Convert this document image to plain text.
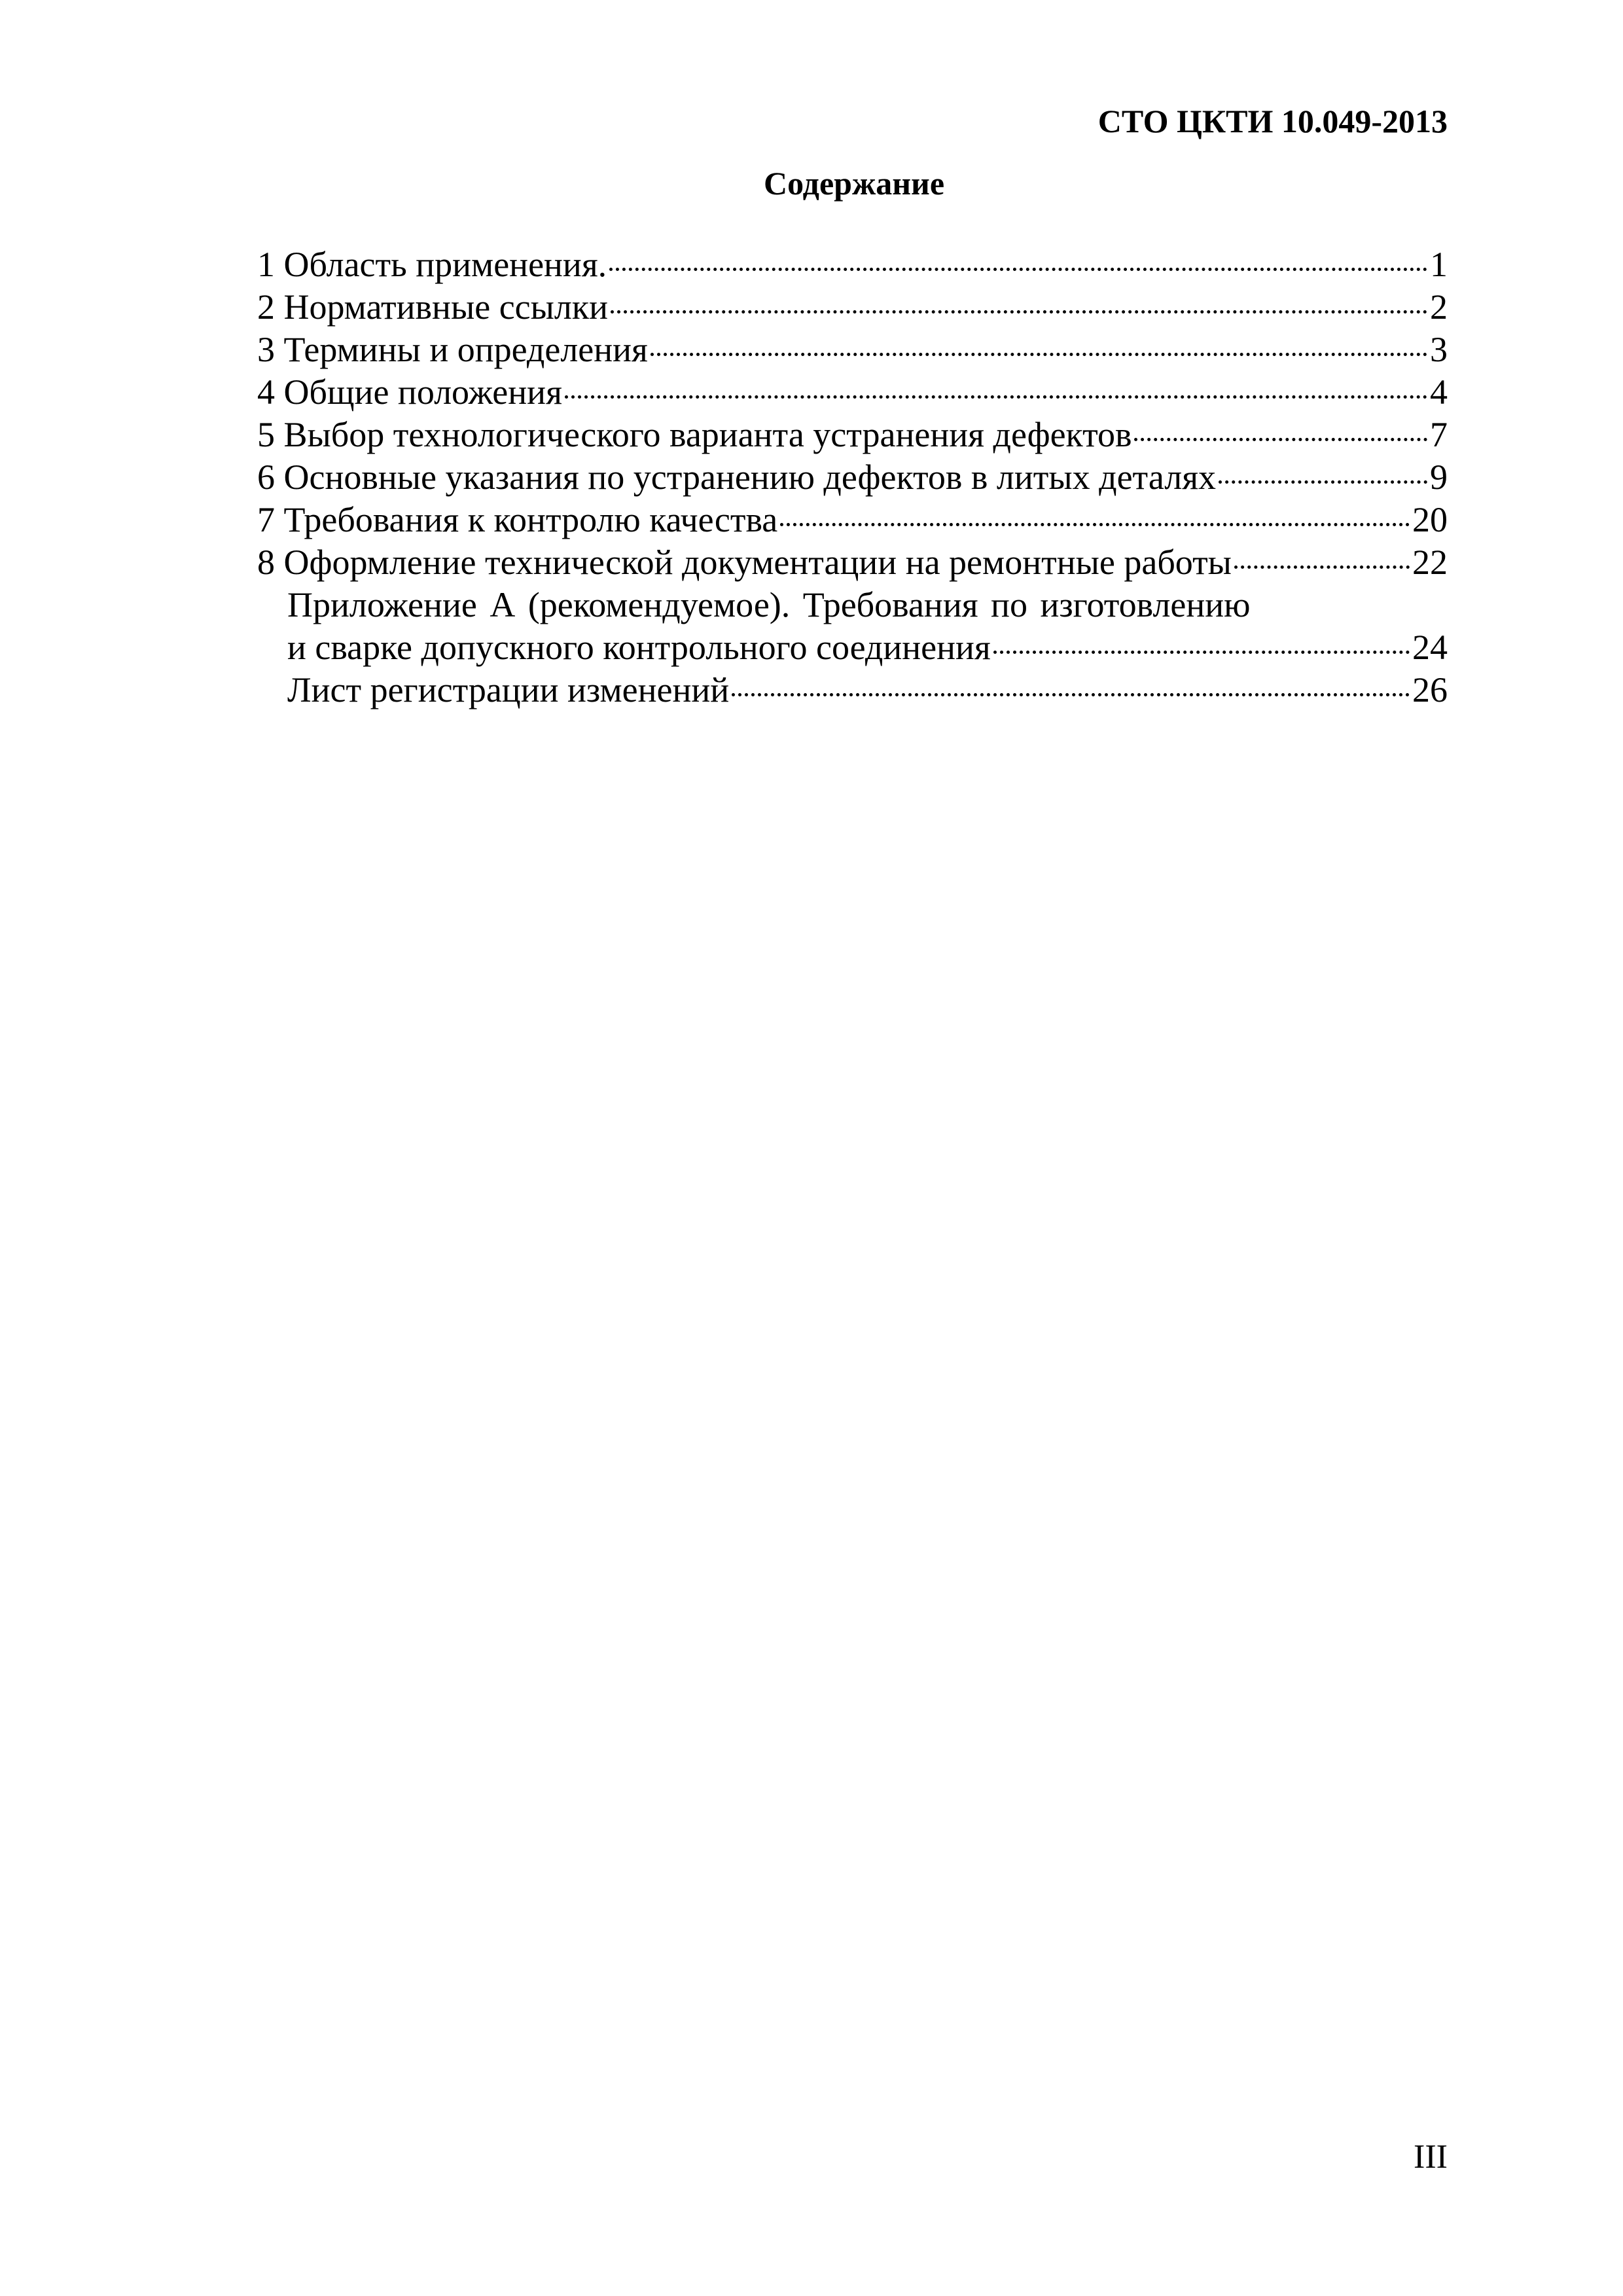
СТО ЦКТИ 10.049-2013
Содержание
1 Область применения.	1
2 Нормативные ссылки	2
3 Термины и определения	3
4 Общие положения	4
5 Выбор технологического варианта устранения дефектов	7
6 Основные указания по устранению дефектов в литых деталях	9
7 Требования к контролю качества	20
8 Оформление технической документации на ремонтные работы	22
Приложение А (рекомендуемое). Требования по изготовлению
и сварке допускного контрольного соединения	24
Лист регистрации изменений	26
III
